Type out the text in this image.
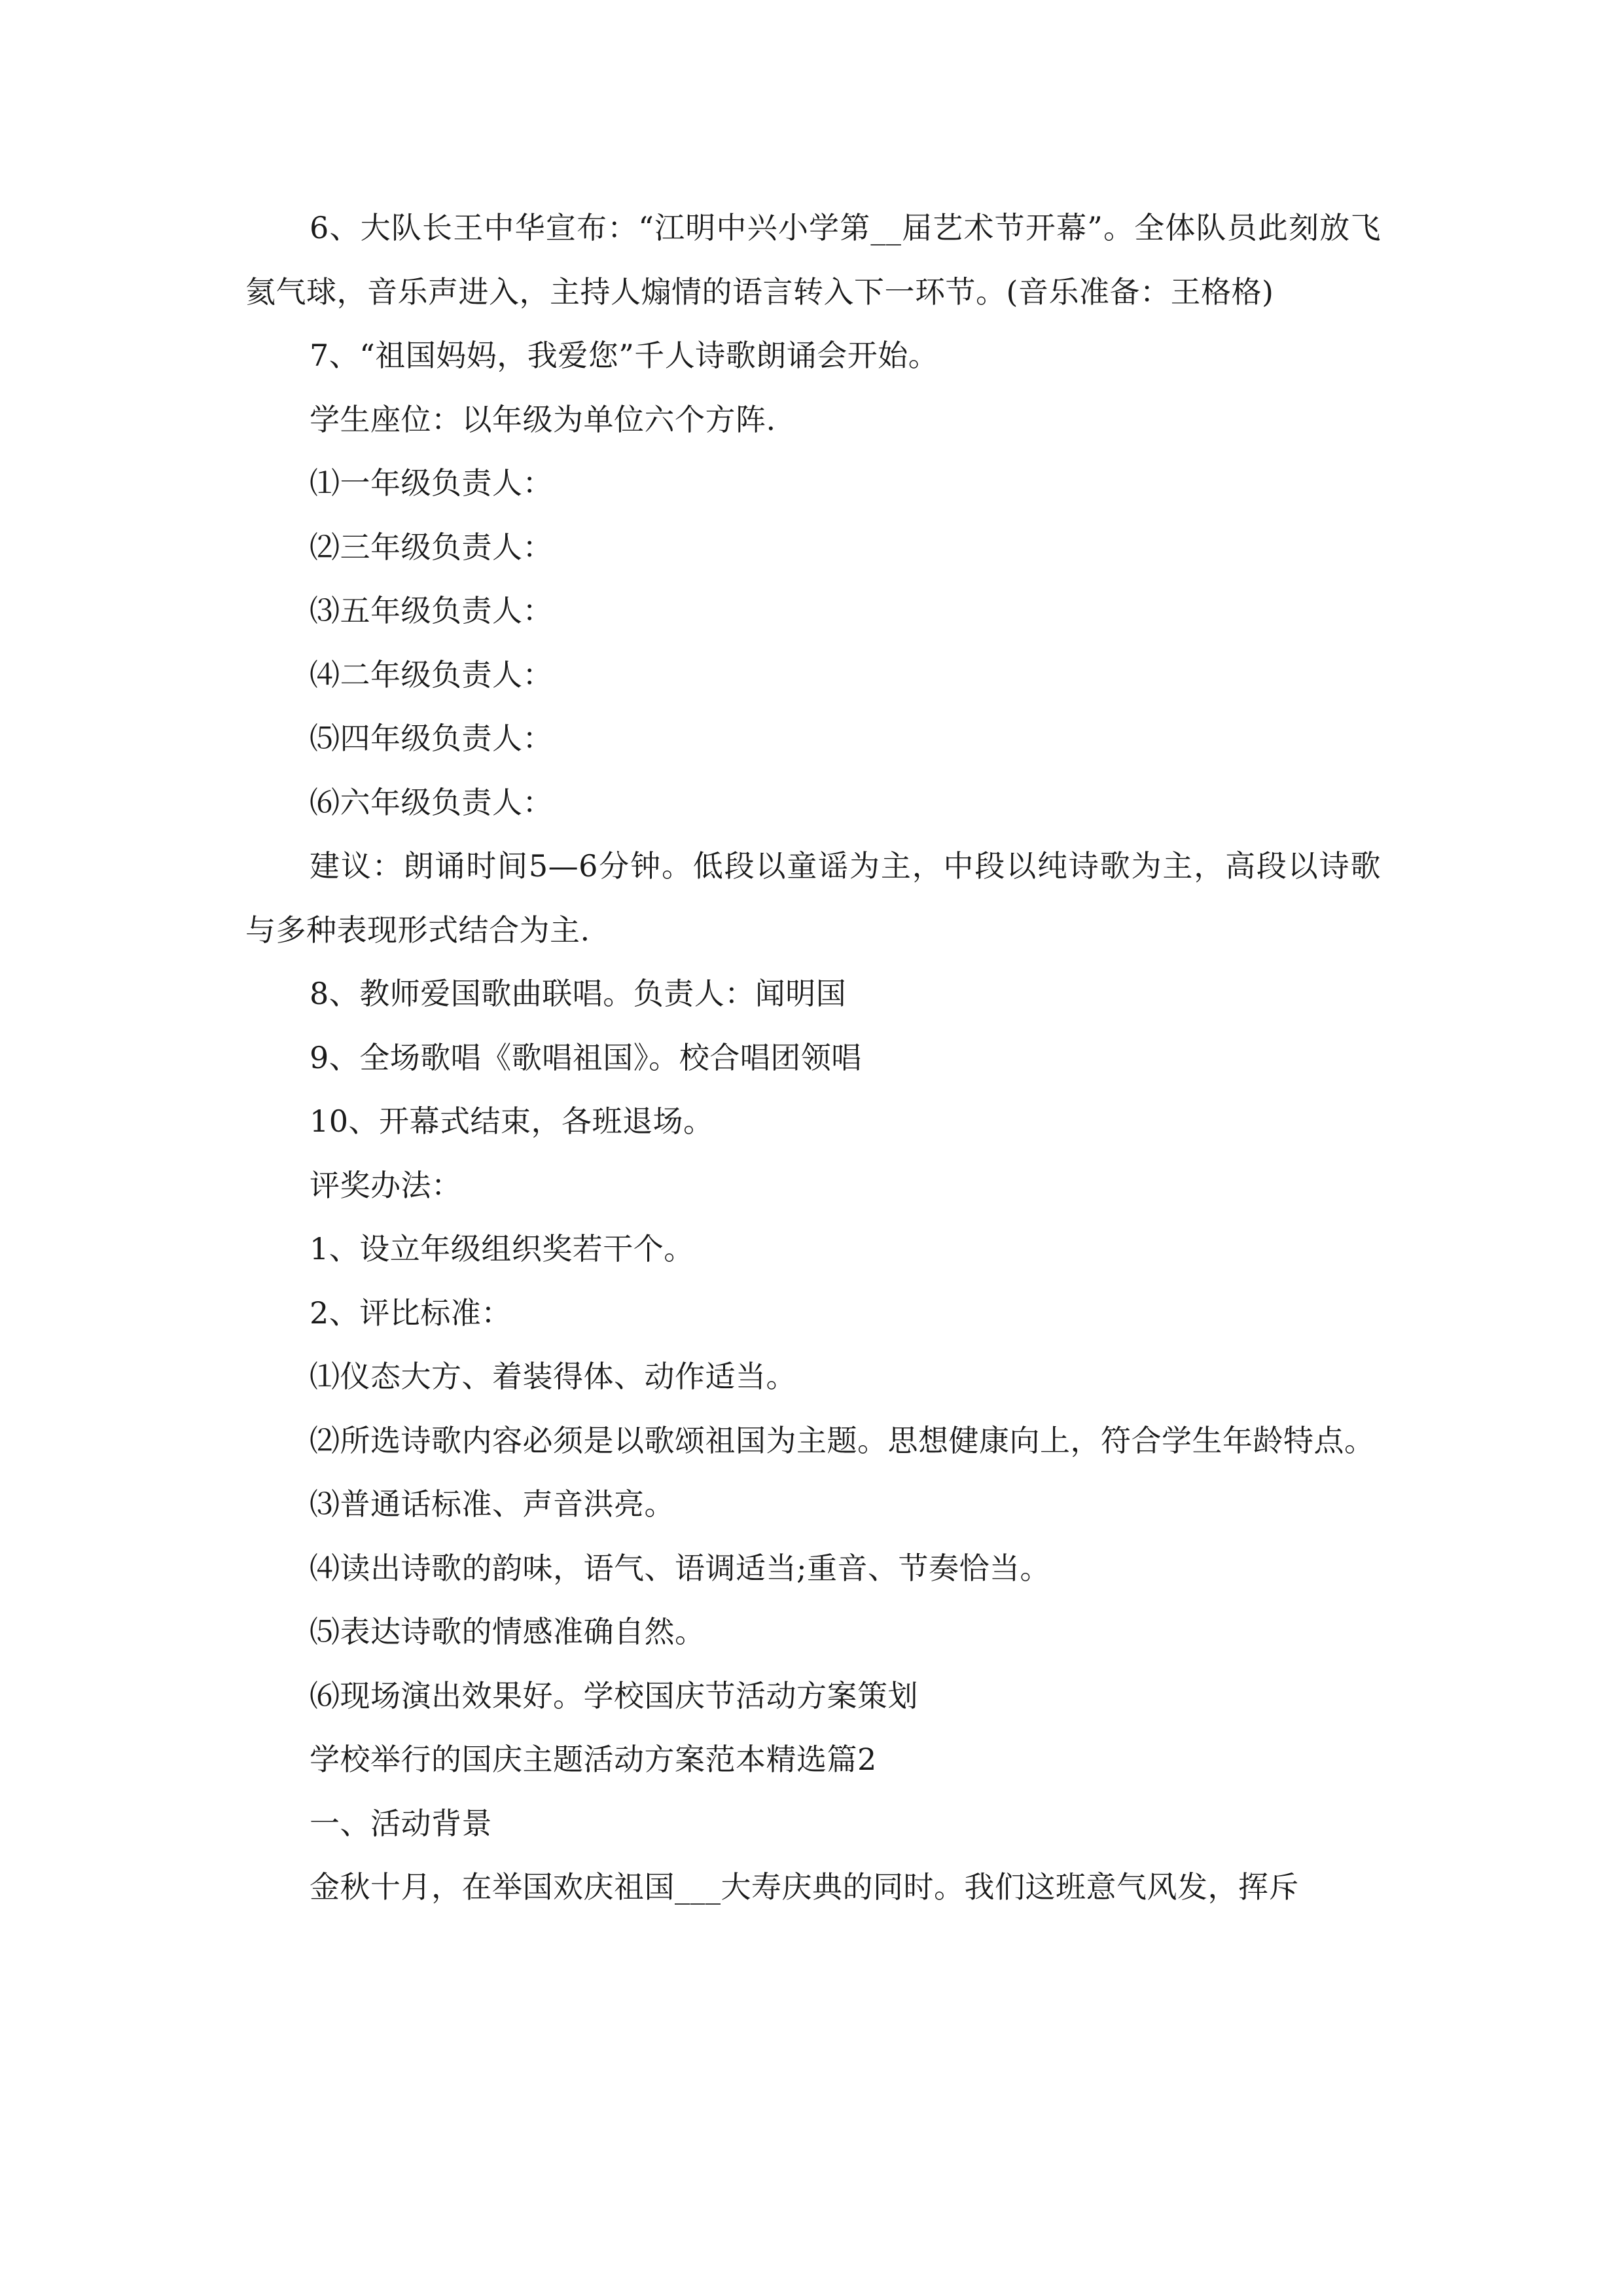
6、大队长王中华宣布：“江明中兴小学第__届艺术节开幕”。全体队员此刻放飞氦气球，音乐声进入，主持人煽情的语言转入下一环节。(音乐准备：王格格)

7、“祖国妈妈，我爱您”千人诗歌朗诵会开始。

学生座位：以年级为单位六个方阵.

⑴一年级负责人：

⑵三年级负责人：

⑶五年级负责人：

⑷二年级负责人：

⑸四年级负责人：

⑹六年级负责人：

建议：朗诵时间5—6分钟。低段以童谣为主，中段以纯诗歌为主，高段以诗歌与多种表现形式结合为主.

8、教师爱国歌曲联唱。负责人：闻明国

9、全场歌唱《歌唱祖国》。校合唱团领唱

10、开幕式结束，各班退场。

评奖办法：

1、设立年级组织奖若干个。

2、评比标准：

⑴仪态大方、着装得体、动作适当。

⑵所选诗歌内容必须是以歌颂祖国为主题。思想健康向上，符合学生年龄特点。

⑶普通话标准、声音洪亮。

⑷读出诗歌的韵味，语气、语调适当;重音、节奏恰当。

⑸表达诗歌的情感准确自然。

⑹现场演出效果好。学校国庆节活动方案策划

学校举行的国庆主题活动方案范本精选篇2

一、活动背景

金秋十月，在举国欢庆祖国___大寿庆典的同时。我们这班意气风发，挥斥
